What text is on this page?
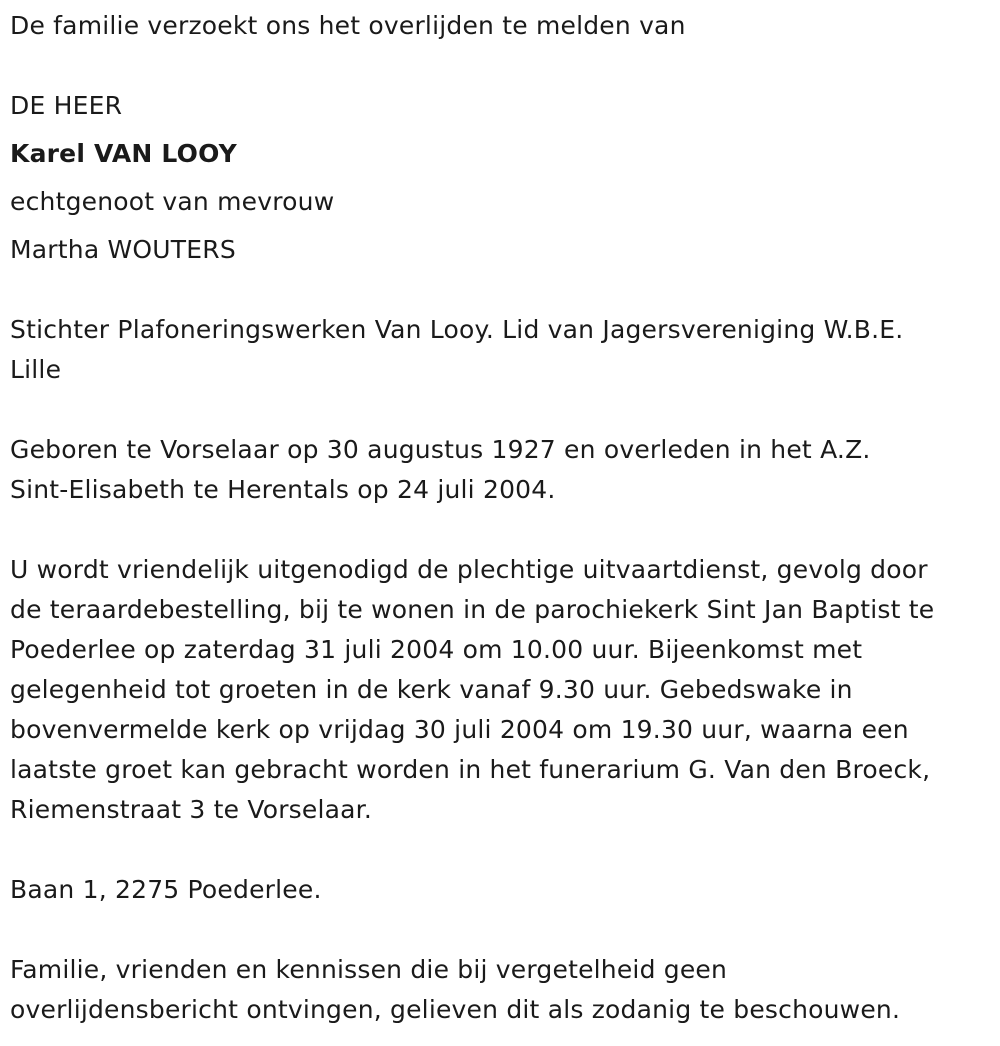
De familie verzoekt ons het overlijden te melden van
DE HEER
Karel VAN LOOY
echtgenoot van mevrouw
Martha WOUTERS
Stichter Plafoneringswerken Van Looy. Lid van Jagersvereniging W.B.E.
Lille
Geboren te Vorselaar op 30 augustus 1927 en overleden in het A.Z.
Sint-Elisabeth te Herentals op 24 juli 2004.
U wordt vriendelijk uitgenodigd de plechtige uitvaartdienst, gevolg door
de teraardebestelling, bij te wonen in de parochiekerk Sint Jan Baptist te
Poederlee op zaterdag 31 juli 2004 om 10.00 uur. Bijeenkomst met
gelegenheid tot groeten in de kerk vanaf 9.30 uur. Gebedswake in
bovenvermelde kerk op vrijdag 30 juli 2004 om 19.30 uur, waarna een
laatste groet kan gebracht worden in het funerarium G. Van den Broeck,
Riemenstraat 3 te Vorselaar.
Baan 1, 2275 Poederlee.
Familie, vrienden en kennissen die bij vergetelheid geen
overlijdensbericht ontvingen, gelieven dit als zodanig te beschouwen.
